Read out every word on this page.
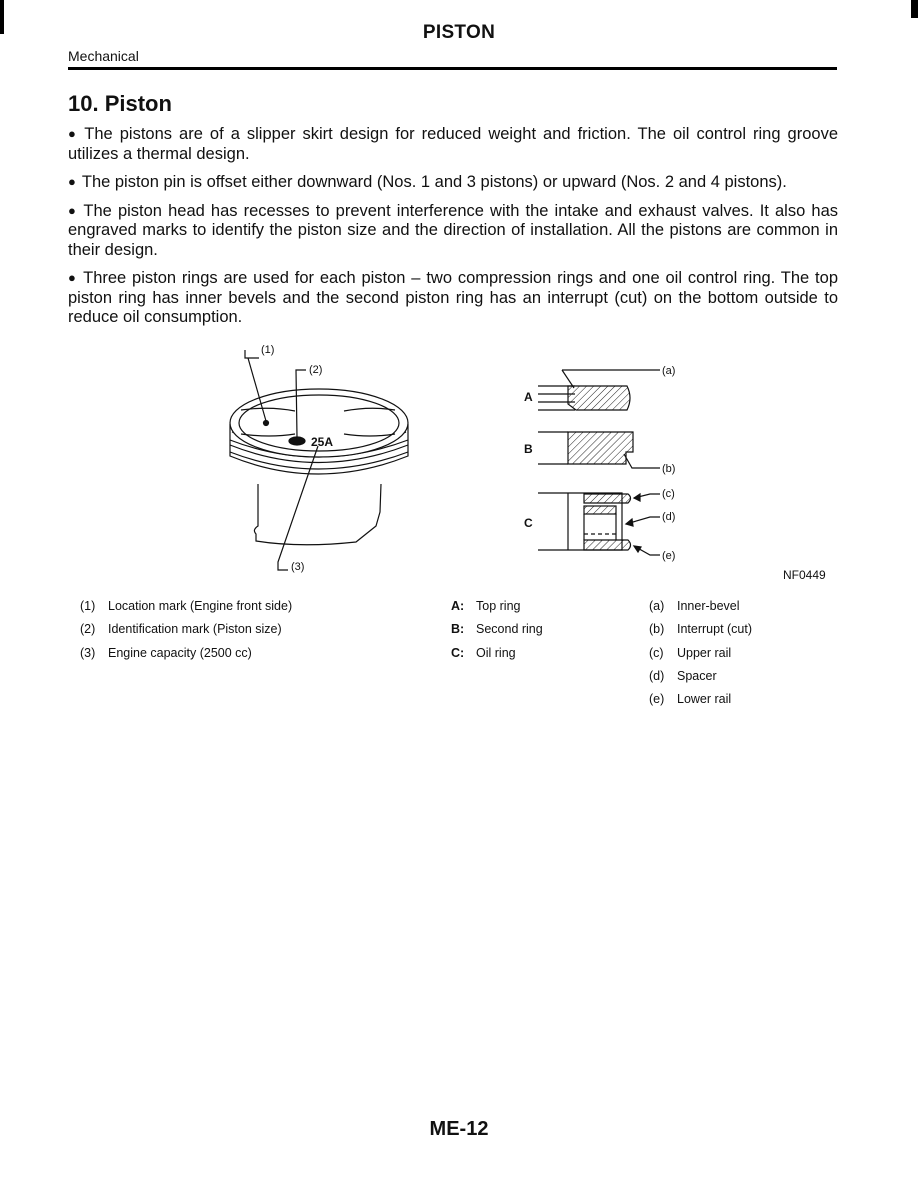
PISTON
Mechanical
10. Piston

● The pistons are of a slipper skirt design for reduced weight and friction. The oil control ring groove utilizes a thermal design.

● The piston pin is offset either downward (Nos. 1 and 3 pistons) or upward (Nos. 2 and 4 pistons).

● The piston head has recesses to prevent interference with the intake and exhaust valves. It also has engraved marks to identify the piston size and the direction of installation. All the pistons are common in their design.

● Three piston rings are used for each piston – two compression rings and one oil control ring. The top piston ring has inner bevels and the second piston ring has an interrupt (cut) on the bottom outside to reduce oil consumption.

25A
(1)
(2)
(3)
A
B
C
(a)
(b)
(c)
(d)
(e)
NF0449
(1) Location mark (Engine front side)
(2) Identification mark (Piston size)
(3) Engine capacity (2500 cc)
A: Top ring
B: Second ring
C: Oil ring
(a) Inner-bevel
(b) Interrupt (cut)
(c) Upper rail
(d) Spacer
(e) Lower rail
ME-12
